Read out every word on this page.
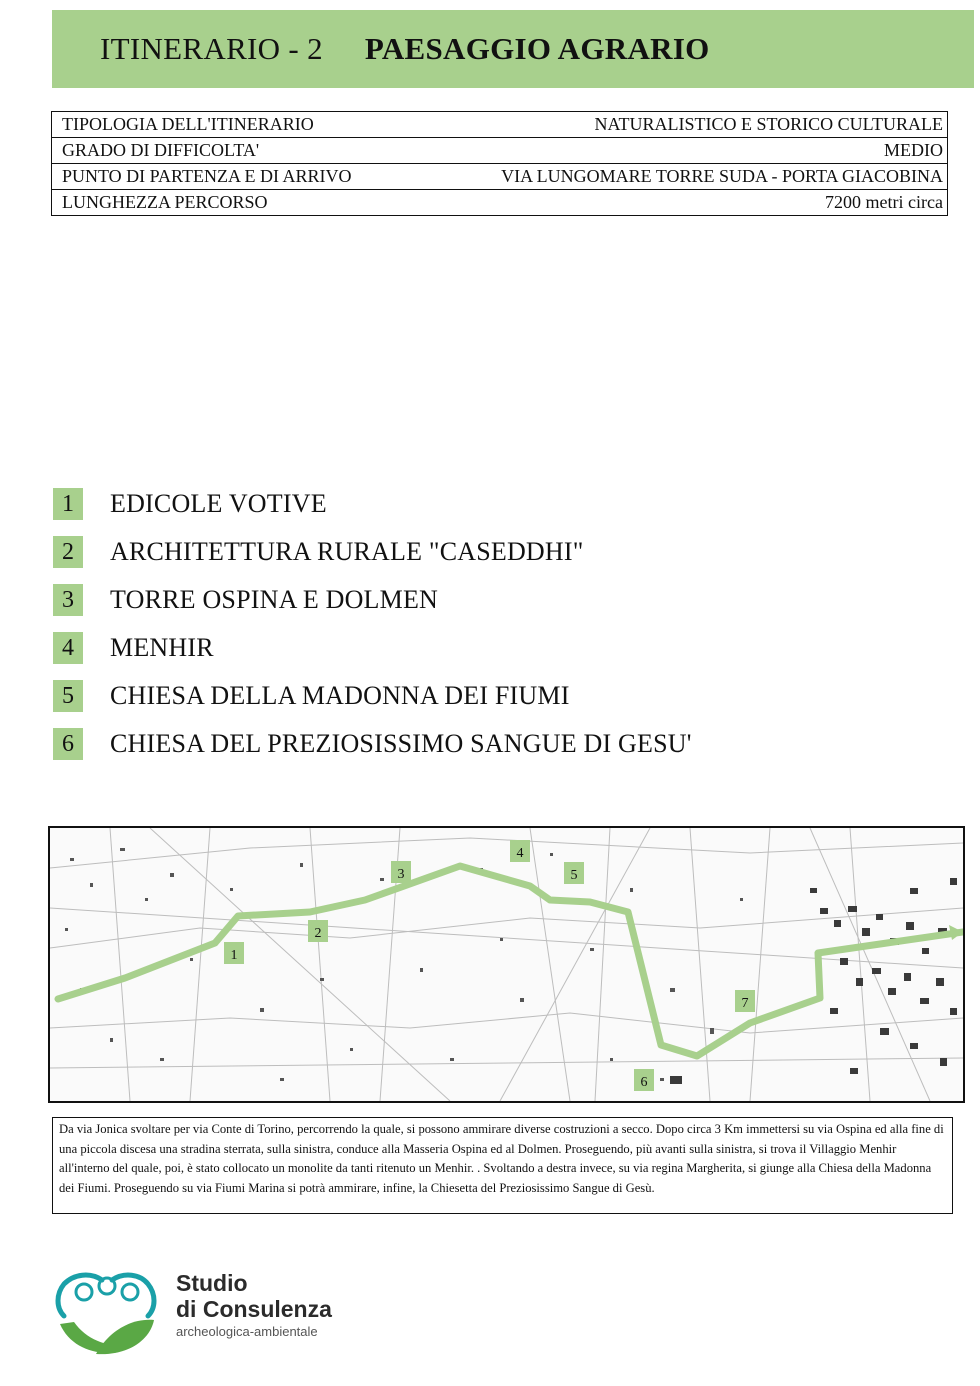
ITINERARIO - 2 PAESAGGIO AGRARIO
TIPOLOGIA DELL'ITINERARIO	NATURALISTICO E STORICO CULTURALE
GRADO DI DIFFICOLTA'	MEDIO
PUNTO DI PARTENZA E DI ARRIVO	VIA LUNGOMARE TORRE SUDA - PORTA GIACOBINA
LUNGHEZZA PERCORSO	7200 metri circa
1	EDICOLE VOTIVE
2	ARCHITETTURA RURALE "CASEDDHI"
3	TORRE OSPINA E DOLMEN
4	MENHIR
5	CHIESA DELLA MADONNA DEI FIUMI
6	CHIESA DEL PREZIOSISSIMO SANGUE DI GESU'
1
2
3
4
5
6
7
Da via Jonica svoltare per via Conte di Torino, percorrendo la quale, si possono ammirare diverse costruzioni a secco. Dopo circa 3 Km immettersi su via Ospina ed alla fine di una piccola discesa una stradina sterrata, sulla sinistra, conduce alla Masseria Ospina ed al Dolmen. Proseguendo, più avanti sulla sinistra, si trova il Villaggio Menhir all'interno del quale, poi, è stato collocato un monolite da tanti ritenuto un Menhir. . Svoltando a destra invece, su via regina Margherita, si giunge alla Chiesa della Madonna dei Fiumi. Proseguendo su via Fiumi Marina si potrà ammirare, infine, la Chiesetta del Preziosissimo Sangue di Gesù.
Studio
di Consulenza
archeologica-ambientale
